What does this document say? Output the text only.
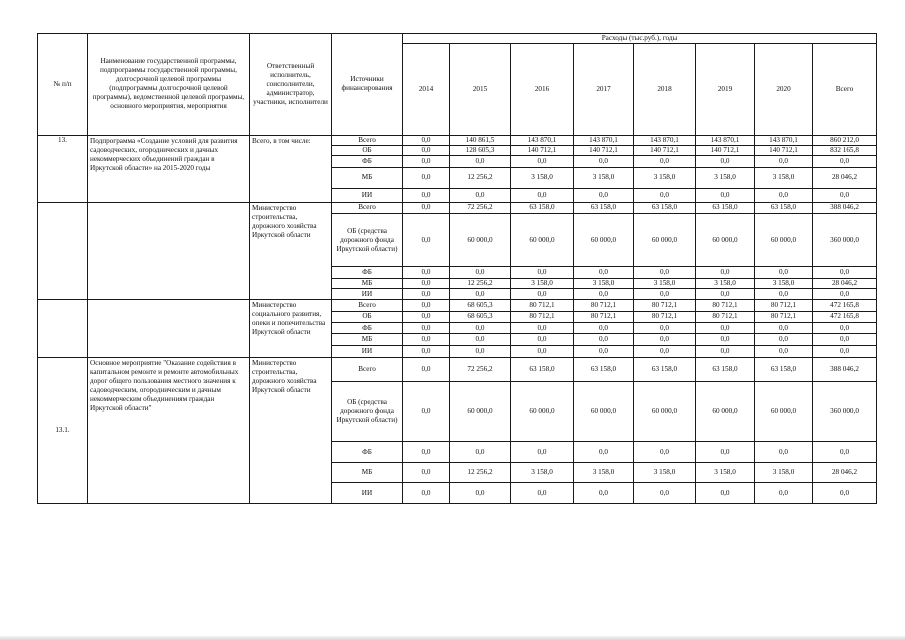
№ п/п	Наименование государственной программы, подпрограммы государственной программы, долгосрочной целевой программы (подпрограммы долгосрочной целевой программы), ведомственной целевой программы, основного мероприятия, мероприятия	Ответственный исполнитель, соисполнители, администратор, участники, исполнители	Источники финансирования	Расходы (тыс.руб.), годы							
				2014	2015	2016	2017	2018	2019	2020	Всего
13.	Подпрограмма «Создание условий для развития садоводческих, огороднических и дачных некоммерческих объединений граждан в Иркутской области» на 2015-2020 годы	Всего, в том числе:	Всего	0,0	140 861,5	143 870,1	143 870,1	143 870,1	143 870,1	143 870,1	860 212,0
			ОБ	0,0	128 605,3	140 712,1	140 712,1	140 712,1	140 712,1	140 712,1	832 165,8
			ФБ	0,0	0,0	0,0	0,0	0,0	0,0	0,0	0,0
			МБ	0,0	12 256,2	3 158,0	3 158,0	3 158,0	3 158,0	3 158,0	28 046,2
			ИИ	0,0	0,0	0,0	0,0	0,0	0,0	0,0	0,0
		Министерство строительства, дорожного хозяйства Иркутской области	Всего	0,0	72 256,2	63 158,0	63 158,0	63 158,0	63 158,0	63 158,0	388 046,2
			ОБ (средства дорожного фонда Иркутской области)	0,0	60 000,0	60 000,0	60 000,0	60 000,0	60 000,0	60 000,0	360 000,0
			ФБ	0,0	0,0	0,0	0,0	0,0	0,0	0,0	0,0
			МБ	0,0	12 256,2	3 158,0	3 158,0	3 158,0	3 158,0	3 158,0	28 046,2
			ИИ	0,0	0,0	0,0	0,0	0,0	0,0	0,0	0,0
		Министерство социального развития, опеки и попечительства Иркутской области	Всего	0,0	68 605,3	80 712,1	80 712,1	80 712,1	80 712,1	80 712,1	472 165,8
			ОБ	0,0	68 605,3	80 712,1	80 712,1	80 712,1	80 712,1	80 712,1	472 165,8
			ФБ	0,0	0,0	0,0	0,0	0,0	0,0	0,0	0,0
			МБ	0,0	0,0	0,0	0,0	0,0	0,0	0,0	0,0
			ИИ	0,0	0,0	0,0	0,0	0,0	0,0	0,0	0,0
13.1.	Основное мероприятие "Оказание содействия в капитальном ремонте и ремонте автомобильных дорог общего пользования местного значения к садоводческим, огородническим и дачным некоммерческим объединениям граждан Иркутской области"	Министерство строительства, дорожного хозяйства Иркутской области	Всего	0,0	72 256,2	63 158,0	63 158,0	63 158,0	63 158,0	63 158,0	388 046,2
			ОБ (средства дорожного фонда Иркутской области)	0,0	60 000,0	60 000,0	60 000,0	60 000,0	60 000,0	60 000,0	360 000,0
			ФБ	0,0	0,0	0,0	0,0	0,0	0,0	0,0	0,0
			МБ	0,0	12 256,2	3 158,0	3 158,0	3 158,0	3 158,0	3 158,0	28 046,2
			ИИ	0,0	0,0	0,0	0,0	0,0	0,0	0,0	0,0
